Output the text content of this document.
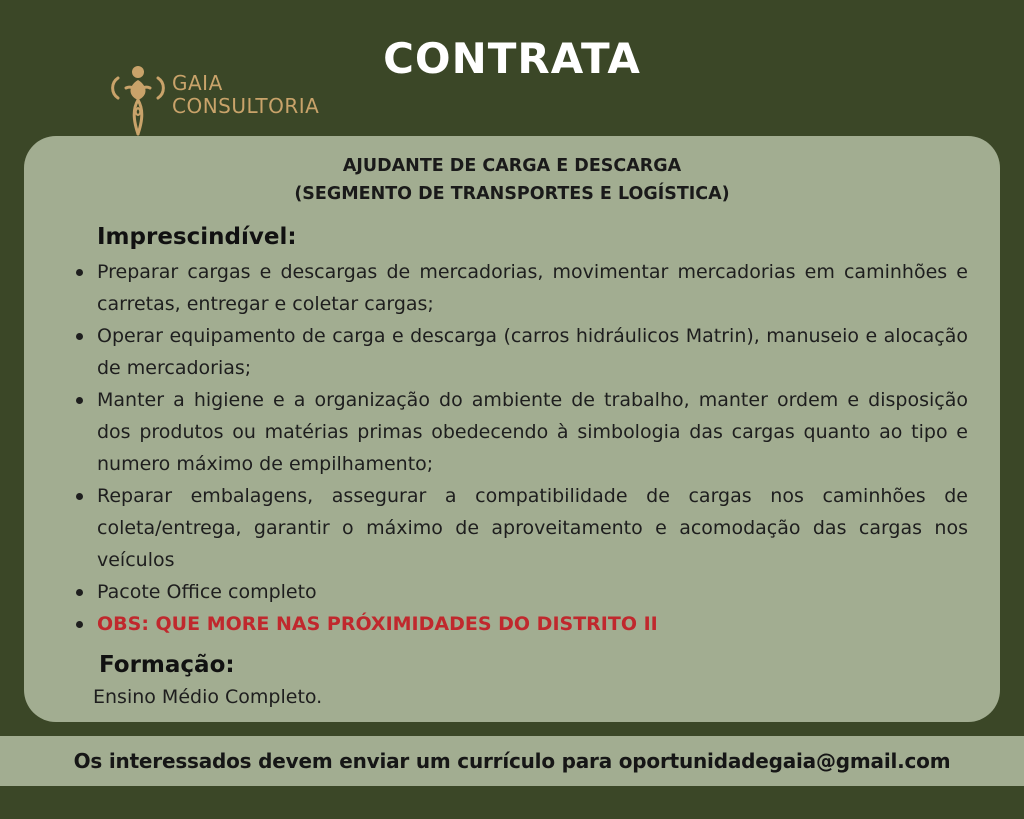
CONTRATA
GAIA
CONSULTORIA
AJUDANTE DE CARGA E DESCARGA
(SEGMENTO DE TRANSPORTES E LOGÍSTICA)
Imprescindível:
Preparar cargas e descargas de mercadorias, movimentar mercadorias em caminhões e carretas, entregar e coletar cargas;
Operar equipamento de carga e descarga (carros hidráulicos Matrin), manuseio e alocação de mercadorias;
Manter a higiene e a organização do ambiente de trabalho, manter ordem e disposição dos produtos ou matérias primas obedecendo à simbologia das cargas quanto ao tipo e numero máximo de empilhamento;
Reparar embalagens, assegurar a compatibilidade de cargas nos caminhões de coleta/entrega, garantir o máximo de aproveitamento e acomodação das cargas nos veículos
Pacote Office completo
OBS: QUE MORE NAS PRÓXIMIDADES DO DISTRITO II
Formação:
Ensino Médio Completo.
Os interessados devem enviar um currículo para oportunidadegaia@gmail.com
